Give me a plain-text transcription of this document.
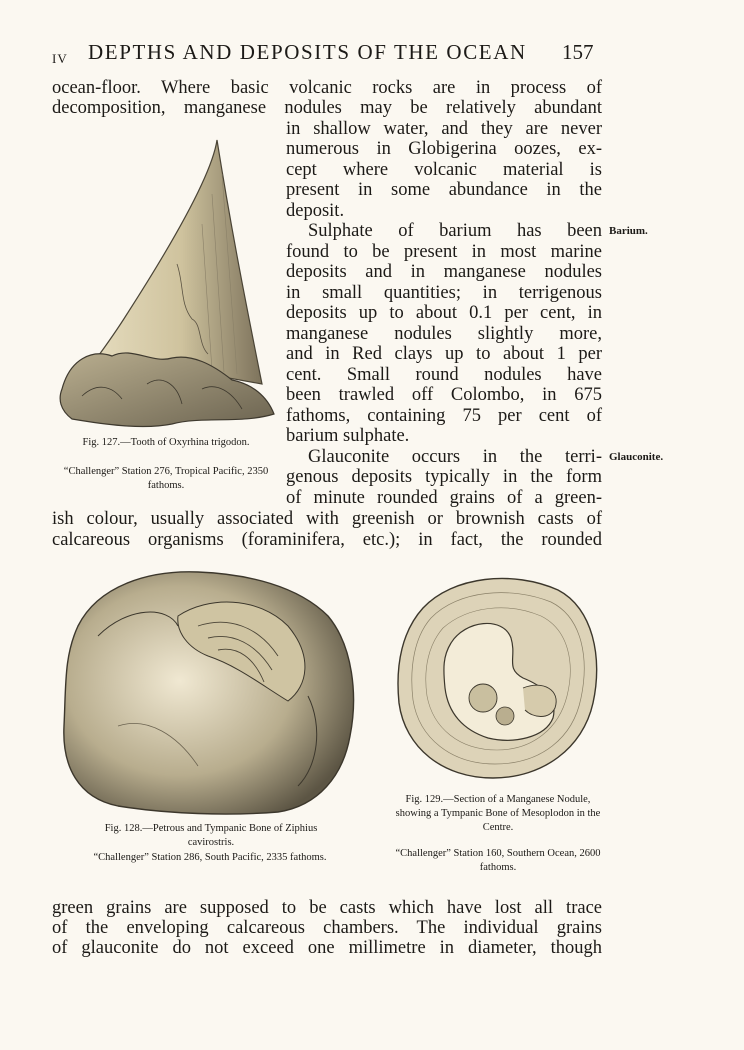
IV DEPTHS AND DEPOSITS OF THE OCEAN 157
ocean-floor. Where basic volcanic rocks are in process of
decomposition, manganese nodules may be relatively abundant
in shallow water, and they are never
numerous in Globigerina oozes, ex-
cept where volcanic material is
present in some abundance in the
deposit.
Sulphate of barium has been
found to be present in most marine
deposits and in manganese nodules
in small quantities; in terrigenous
deposits up to about 0.1 per cent, in
manganese nodules slightly more,
and in Red clays up to about 1 per
cent. Small round nodules have
been trawled off Colombo, in 675
fathoms, containing 75 per cent of
barium sulphate.
Glauconite occurs in the terri-
genous deposits typically in the form
of minute rounded grains of a green-
ish colour, usually associated with greenish or brownish casts of
calcareous organisms (foraminifera, etc.); in fact, the rounded
green grains are supposed to be casts which have lost all trace
of the enveloping calcareous chambers. The individual grains
of glauconite do not exceed one millimetre in diameter, though
Barium.
Glauconite.
Fig. 127.—Tooth of Oxyrhina trigodon.
“Challenger” Station 276, Tropical Pacific, 2350 fathoms.
Fig. 128.—Petrous and Tympanic Bone of Ziphius cavirostris.
“Challenger” Station 286, South Pacific, 2335 fathoms.
Fig. 129.—Section of a Manganese Nodule, showing a Tympanic Bone of Mesoplodon in the Centre.
“Challenger” Station 160, Southern Ocean, 2600 fathoms.
